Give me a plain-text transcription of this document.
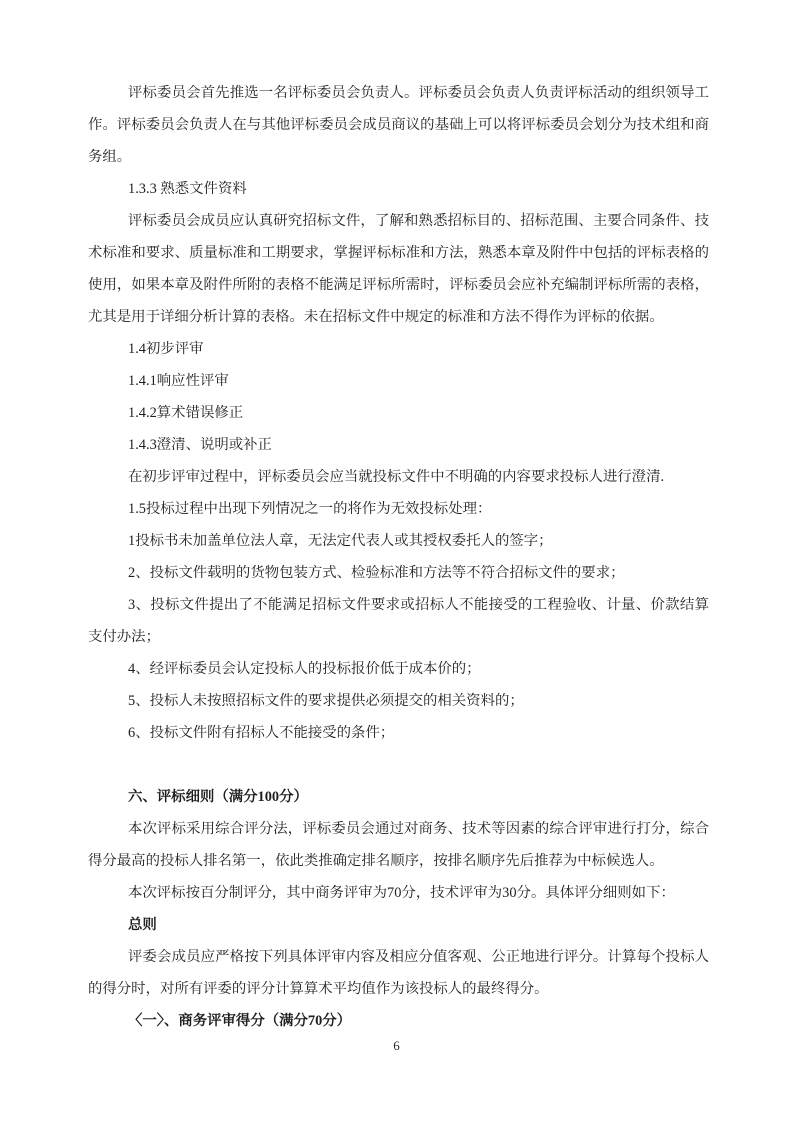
评标委员会首先推选一名评标委员会负责人。评标委员会负责人负责评标活动的组织领导工作。评标委员会负责人在与其他评标委员会成员商议的基础上可以将评标委员会划分为技术组和商务组。

1.3.3 熟悉文件资料

评标委员会成员应认真研究招标文件，了解和熟悉招标目的、招标范围、主要合同条件、技术标准和要求、质量标准和工期要求，掌握评标标准和方法，熟悉本章及附件中包括的评标表格的使用，如果本章及附件所附的表格不能满足评标所需时，评标委员会应补充编制评标所需的表格，尤其是用于详细分析计算的表格。未在招标文件中规定的标准和方法不得作为评标的依据。

1.4初步评审

1.4.1响应性评审

1.4.2算术错误修正

1.4.3澄清、说明或补正

在初步评审过程中，评标委员会应当就投标文件中不明确的内容要求投标人进行澄清.

1.5投标过程中出现下列情况之一的将作为无效投标处理：

1投标书未加盖单位法人章，无法定代表人或其授权委托人的签字；

2、投标文件载明的货物包装方式、检验标准和方法等不符合招标文件的要求；

3、投标文件提出了不能满足招标文件要求或招标人不能接受的工程验收、计量、价款结算支付办法；

4、经评标委员会认定投标人的投标报价低于成本价的；

5、投标人未按照招标文件的要求提供必须提交的相关资料的；

6、投标文件附有招标人不能接受的条件；

六、评标细则（满分100分）

本次评标采用综合评分法，评标委员会通过对商务、技术等因素的综合评审进行打分，综合得分最高的投标人排名第一，依此类推确定排名顺序，按排名顺序先后推荐为中标候选人。

本次评标按百分制评分，其中商务评审为70分，技术评审为30分。具体评分细则如下：

总则

评委会成员应严格按下列具体评审内容及相应分值客观、公正地进行评分。计算每个投标人的得分时，对所有评委的评分计算算术平均值作为该投标人的最终得分。

〈一〉、商务评审得分（满分70分）

6
